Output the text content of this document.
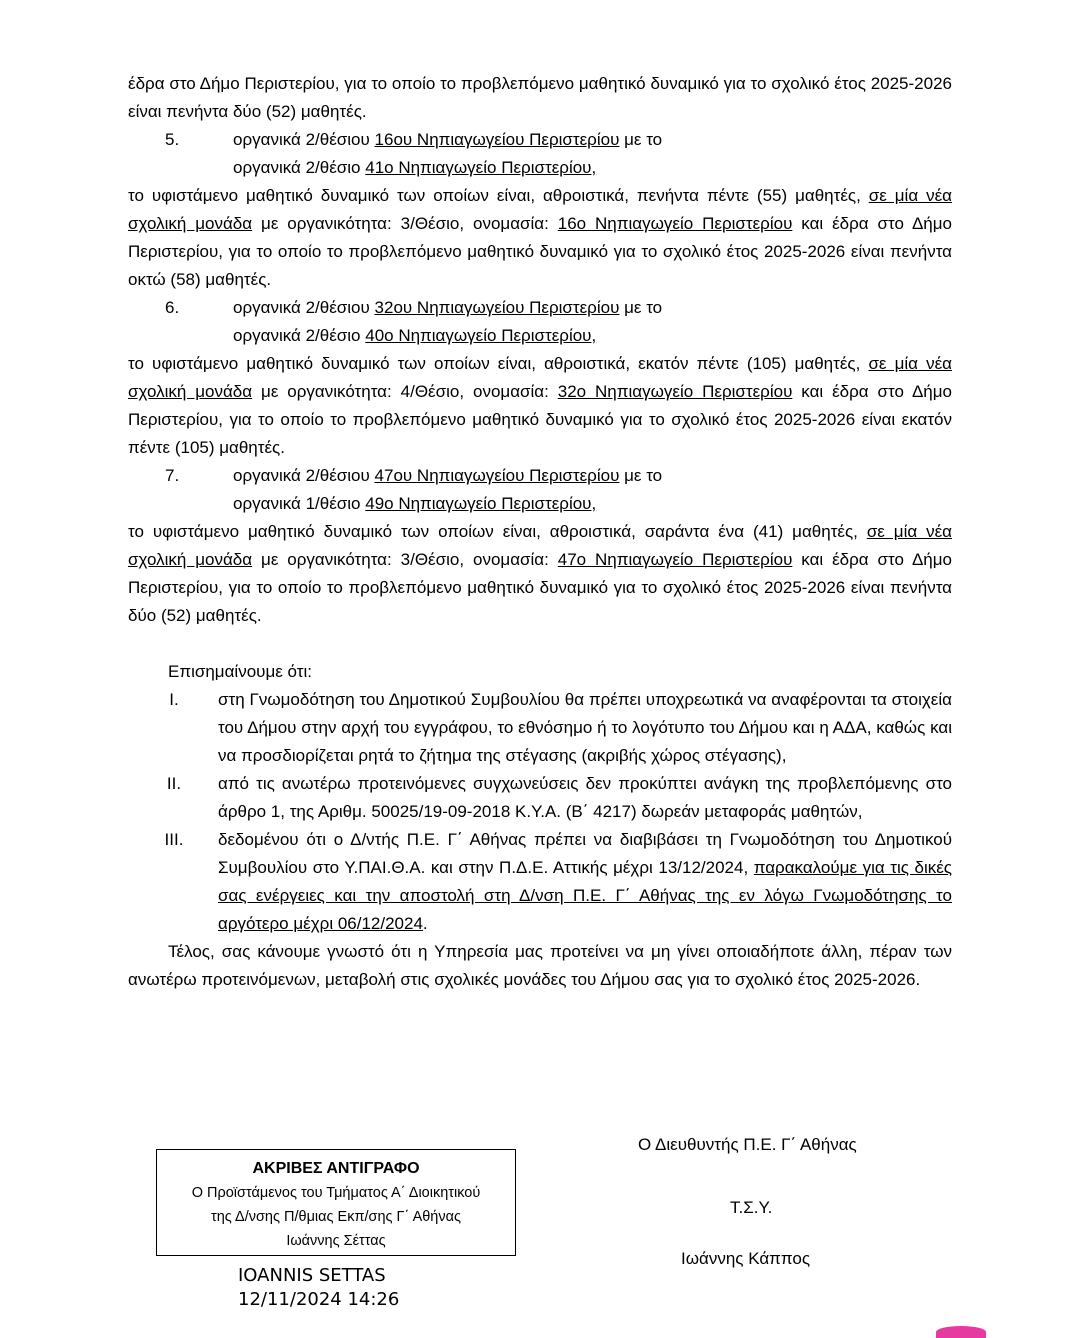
έδρα στο Δήμο Περιστερίου, για το οποίο το προβλεπόμενο μαθητικό δυναμικό για το σχολικό έτος 2025-2026 είναι πενήντα δύο (52) μαθητές.

5.	οργανικά 2/θέσιου 16ου Νηπιαγωγείου Περιστερίου με το
οργανικά 2/θέσιο 41ο Νηπιαγωγείο Περιστερίου,

το υφιστάμενο μαθητικό δυναμικό των οποίων είναι, αθροιστικά, πενήντα πέντε (55) μαθητές, σε μία νέα σχολική μονάδα με οργανικότητα: 3/Θέσιο, ονομασία: 16ο Νηπιαγωγείο Περιστερίου και έδρα στο Δήμο Περιστερίου, για το οποίο το προβλεπόμενο μαθητικό δυναμικό για το σχολικό έτος 2025-2026 είναι πενήντα οκτώ (58) μαθητές.

6.	οργανικά 2/θέσιου 32ου Νηπιαγωγείου Περιστερίου με το
οργανικά 2/θέσιο 40ο Νηπιαγωγείο Περιστερίου,

το υφιστάμενο μαθητικό δυναμικό των οποίων είναι, αθροιστικά, εκατόν πέντε (105) μαθητές, σε μία νέα σχολική μονάδα με οργανικότητα: 4/Θέσιο, ονομασία: 32ο Νηπιαγωγείο Περιστερίου και έδρα στο Δήμο Περιστερίου, για το οποίο το προβλεπόμενο μαθητικό δυναμικό για το σχολικό έτος 2025-2026 είναι εκατόν πέντε (105) μαθητές.

7.	οργανικά 2/θέσιου 47ου Νηπιαγωγείου Περιστερίου με το
οργανικά 1/θέσιο 49ο Νηπιαγωγείο Περιστερίου,

το υφιστάμενο μαθητικό δυναμικό των οποίων είναι, αθροιστικά, σαράντα ένα (41) μαθητές, σε μία νέα σχολική μονάδα με οργανικότητα: 3/Θέσιο, ονομασία: 47ο Νηπιαγωγείο Περιστερίου και έδρα στο Δήμο Περιστερίου, για το οποίο το προβλεπόμενο μαθητικό δυναμικό για το σχολικό έτος 2025-2026 είναι πενήντα δύο (52) μαθητές.

Επισημαίνουμε ότι:

I.	στη Γνωμοδότηση του Δημοτικού Συμβουλίου θα πρέπει υποχρεωτικά να αναφέρονται τα στοιχεία του Δήμου στην αρχή του εγγράφου, το εθνόσημο ή το λογότυπο του Δήμου και η ΑΔΑ, καθώς και να προσδιορίζεται ρητά το ζήτημα της στέγασης (ακριβής χώρος στέγασης),

II.	από τις ανωτέρω προτεινόμενες συγχωνεύσεις δεν προκύπτει ανάγκη της προβλεπόμενης στο άρθρο 1, της Αριθμ. 50025/19-09-2018 Κ.Υ.Α. (Β΄ 4217) δωρεάν μεταφοράς μαθητών,

III.	δεδομένου ότι ο Δ/ντής Π.Ε. Γ΄ Αθήνας πρέπει να διαβιβάσει τη Γνωμοδότηση του Δημοτικού Συμβουλίου στο Υ.ΠΑΙ.Θ.Α. και στην Π.Δ.Ε. Αττικής μέχρι 13/12/2024, παρακαλούμε για τις δικές σας ενέργειες και την αποστολή στη Δ/νση Π.Ε. Γ΄ Αθήνας της εν λόγω Γνωμοδότησης το αργότερο μέχρι 06/12/2024.

Τέλος, σας κάνουμε γνωστό ότι η Υπηρεσία μας προτείνει να μη γίνει οποιαδήποτε άλλη, πέραν των ανωτέρω προτεινόμενων, μεταβολή στις σχολικές μονάδες του Δήμου σας για το σχολικό έτος 2025-2026.

ΑΚΡΙΒΕΣ ΑΝΤΙΓΡΑΦΟ
Ο Προϊστάμενος του Τμήματος Α΄ Διοικητικού
της Δ/νσης Π/θμιας Εκπ/σης Γ΄ Αθήνας
Ιωάννης Σέττας
IOANNIS SETTAS
12/11/2024 14:26
Ο Διευθυντής Π.Ε. Γ΄ Αθήνας
Τ.Σ.Υ.
Ιωάννης Κάππος
